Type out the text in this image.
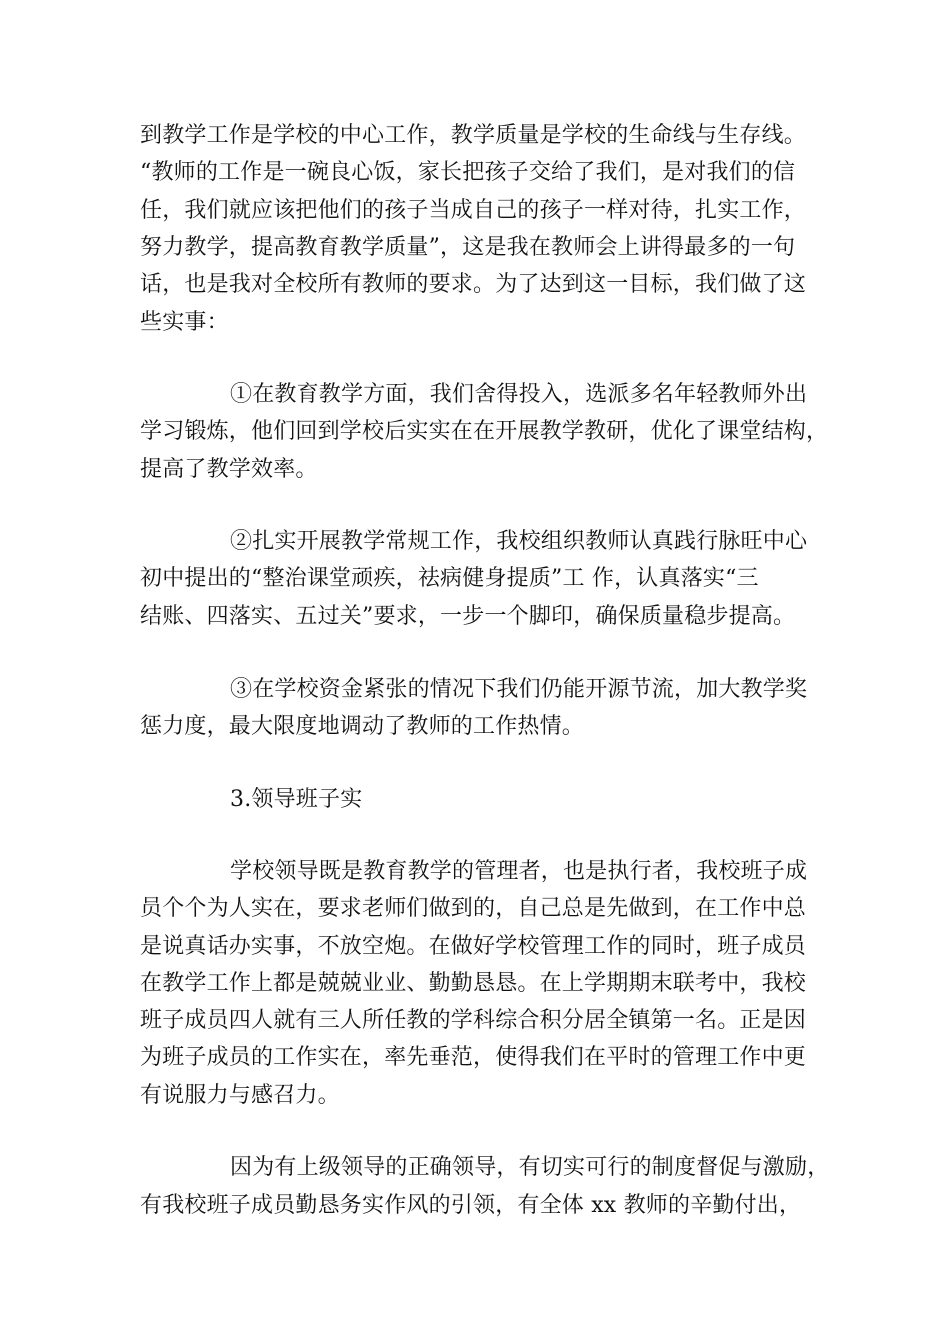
到教学工作是学校的中心工作，教学质量是学校的生命线与生存线。
“教师的工作是一碗良心饭，家长把孩子交给了我们，是对我们的信
任，我们就应该把他们的孩子当成自己的孩子一样对待，扎实工作，
努力教学，提高教育教学质量”，这是我在教师会上讲得最多的一句
话，也是我对全校所有教师的要求。为了达到这一目标，我们做了这
些实事：
①在教育教学方面，我们舍得投入，选派多名年轻教师外出
学习锻炼，他们回到学校后实实在在开展教学教研，优化了课堂结构，
提高了教学效率。
②扎实开展教学常规工作，我校组织教师认真践行脉旺中心
初中提出的“整治课堂顽疾，祛病健身提质”工 作，认真落实“三
结账、四落实、五过关”要求，一步一个脚印，确保质量稳步提高。
③在学校资金紧张的情况下我们仍能开源节流，加大教学奖
惩力度，最大限度地调动了教师的工作热情。
3.领导班子实
学校领导既是教育教学的管理者，也是执行者，我校班子成
员个个为人实在，要求老师们做到的，自己总是先做到，在工作中总
是说真话办实事，不放空炮。在做好学校管理工作的同时，班子成员
在教学工作上都是兢兢业业、勤勤恳恳。在上学期期末联考中，我校
班子成员四人就有三人所任教的学科综合积分居全镇第一名。正是因
为班子成员的工作实在，率先垂范，使得我们在平时的管理工作中更
有说服力与感召力。
因为有上级领导的正确领导，有切实可行的制度督促与激励，
有我校班子成员勤恳务实作风的引领，有全体 xx 教师的辛勤付出，
